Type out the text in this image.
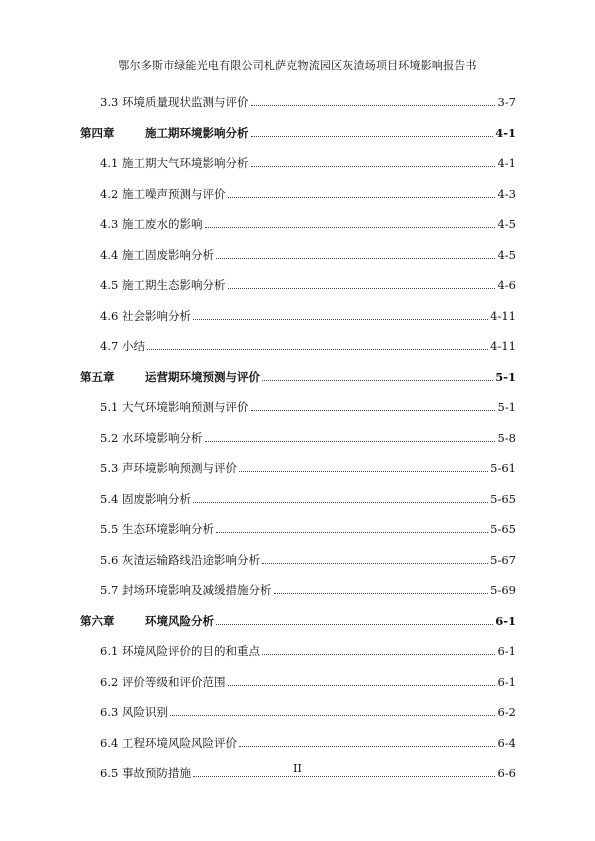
鄂尔多斯市绿能光电有限公司札萨克物流园区灰渣场项目环境影响报告书
3.3 环境质量现状监测与评价	3-7
第四章	施工期环境影响分析	4-1
4.1 施工期大气环境影响分析	4-1
4.2 施工噪声预测与评价	4-3
4.3 施工废水的影响	4-5
4.4 施工固废影响分析	4-5
4.5 施工期生态影响分析	4-6
4.6 社会影响分析	4-11
4.7 小结	4-11
第五章	运营期环境预测与评价	5-1
5.1 大气环境影响预测与评价	5-1
5.2 水环境影响分析	5-8
5.3 声环境影响预测与评价	5-61
5.4 固废影响分析	5-65
5.5 生态环境影响分析	5-65
5.6 灰渣运输路线沿途影响分析	5-67
5.7 封场环境影响及减缓措施分析	5-69
第六章	环境风险分析	6-1
6.1 环境风险评价的目的和重点	6-1
6.2 评价等级和评价范围	6-1
6.3 风险识别	6-2
6.4 工程环境风险风险评价	6-4
6.5 事故预防措施	6-6
II
